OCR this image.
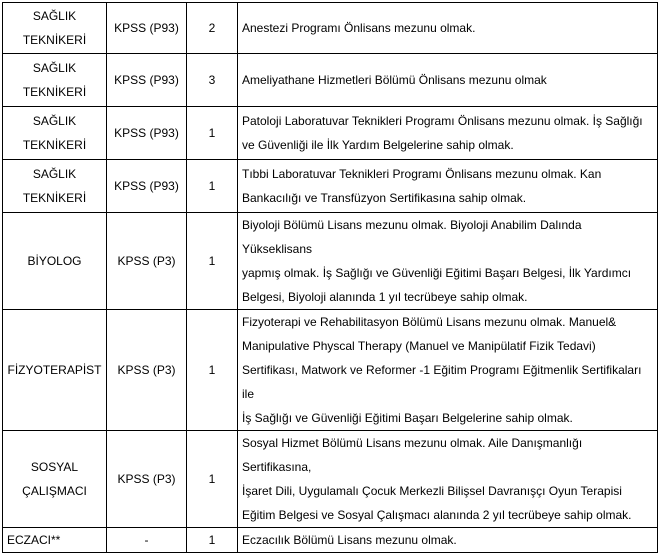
SAĞLIK
TEKNİKERİ	KPSS (P93)	2	Anestezi Programı Önlisans mezunu olmak.
SAĞLIK
TEKNİKERİ	KPSS (P93)	3	Ameliyathane Hizmetleri Bölümü Önlisans mezunu olmak
SAĞLIK
TEKNİKERİ	KPSS (P93)	1	Patoloji Laboratuvar Teknikleri Programı Önlisans mezunu olmak. İş Sağlığı
ve Güvenliği ile İlk Yardım Belgelerine sahip olmak.
SAĞLIK
TEKNİKERİ	KPSS (P93)	1	Tıbbi Laboratuvar Teknikleri Programı Önlisans mezunu olmak. Kan
Bankacılığı ve Transfüzyon Sertifikasına sahip olmak.
BİYOLOG	KPSS (P3)	1	Biyoloji Bölümü Lisans mezunu olmak. Biyoloji Anabilim Dalında Yükseklisans
yapmış olmak. İş Sağlığı ve Güvenliği Eğitimi Başarı Belgesi, İlk Yardımcı
Belgesi, Biyoloji alanında 1 yıl tecrübeye sahip olmak.
FİZYOTERAPİST	KPSS (P3)	1	Fizyoterapi ve Rehabilitasyon Bölümü Lisans mezunu olmak. Manuel&
Manipulative Physcal Therapy (Manuel ve Manipülatif Fizik Tedavi)
Sertifikası, Matwork ve Reformer -1 Eğitim Programı Eğitmenlik Sertifikaları ile
İş Sağlığı ve Güvenliği Eğitimi Başarı Belgelerine sahip olmak.
SOSYAL
ÇALIŞMACI	KPSS (P3)	1	Sosyal Hizmet Bölümü Lisans mezunu olmak. Aile Danışmanlığı Sertifikasına,
İşaret Dili, Uygulamalı Çocuk Merkezli Bilişsel Davranışçı Oyun Terapisi
Eğitim Belgesi ve Sosyal Çalışmacı alanında 2 yıl tecrübeye sahip olmak.
ECZACI**	-	1	Eczacılık Bölümü Lisans mezunu olmak.
